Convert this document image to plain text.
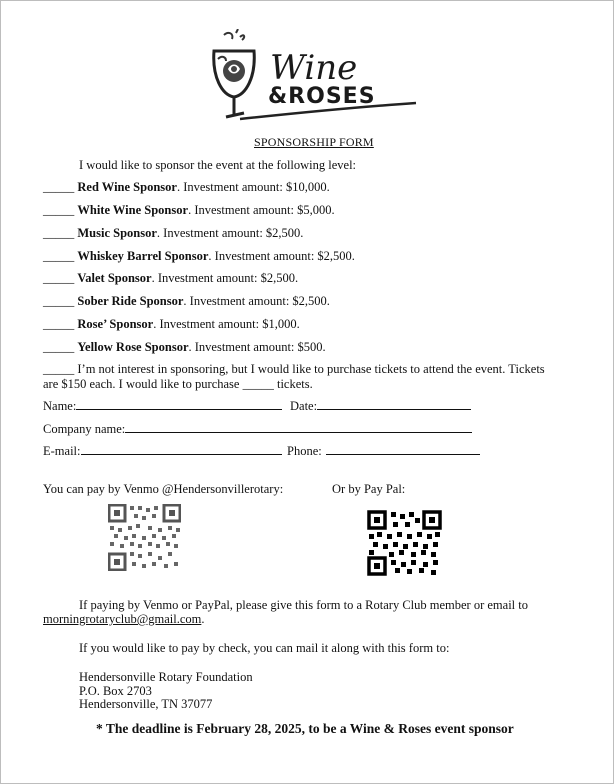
Wine
&ROSES
SPONSORSHIP FORM
I would like to sponsor the event at the following level:
_____ Red Wine Sponsor. Investment amount: $10,000.
_____ White Wine Sponsor. Investment amount: $5,000.
_____ Music Sponsor. Investment amount: $2,500.
_____ Whiskey Barrel Sponsor. Investment amount: $2,500.
_____ Valet Sponsor. Investment amount: $2,500.
_____ Sober Ride Sponsor. Investment amount: $2,500.
_____ Rose’ Sponsor. Investment amount: $1,000.
_____ Yellow Rose Sponsor. Investment amount: $500.
_____ I’m not interest in sponsoring, but I would like to purchase tickets to attend the event. Tickets
are $150 each. I would like to purchase _____ tickets.
Name:	Date:
Company name:
E-mail:	Phone:
You can pay by Venmo @Hendersonvillerotary:	Or by Pay Pal:
If paying by Venmo or PayPal, please give this form to a Rotary Club member or email to
morningrotaryclub@gmail.com.
If you would like to pay by check, you can mail it along with this form to:
Hendersonville Rotary Foundation
P.O. Box 2703
Hendersonville, TN 37077
* The deadline is February 28, 2025, to be a Wine & Roses event sponsor
